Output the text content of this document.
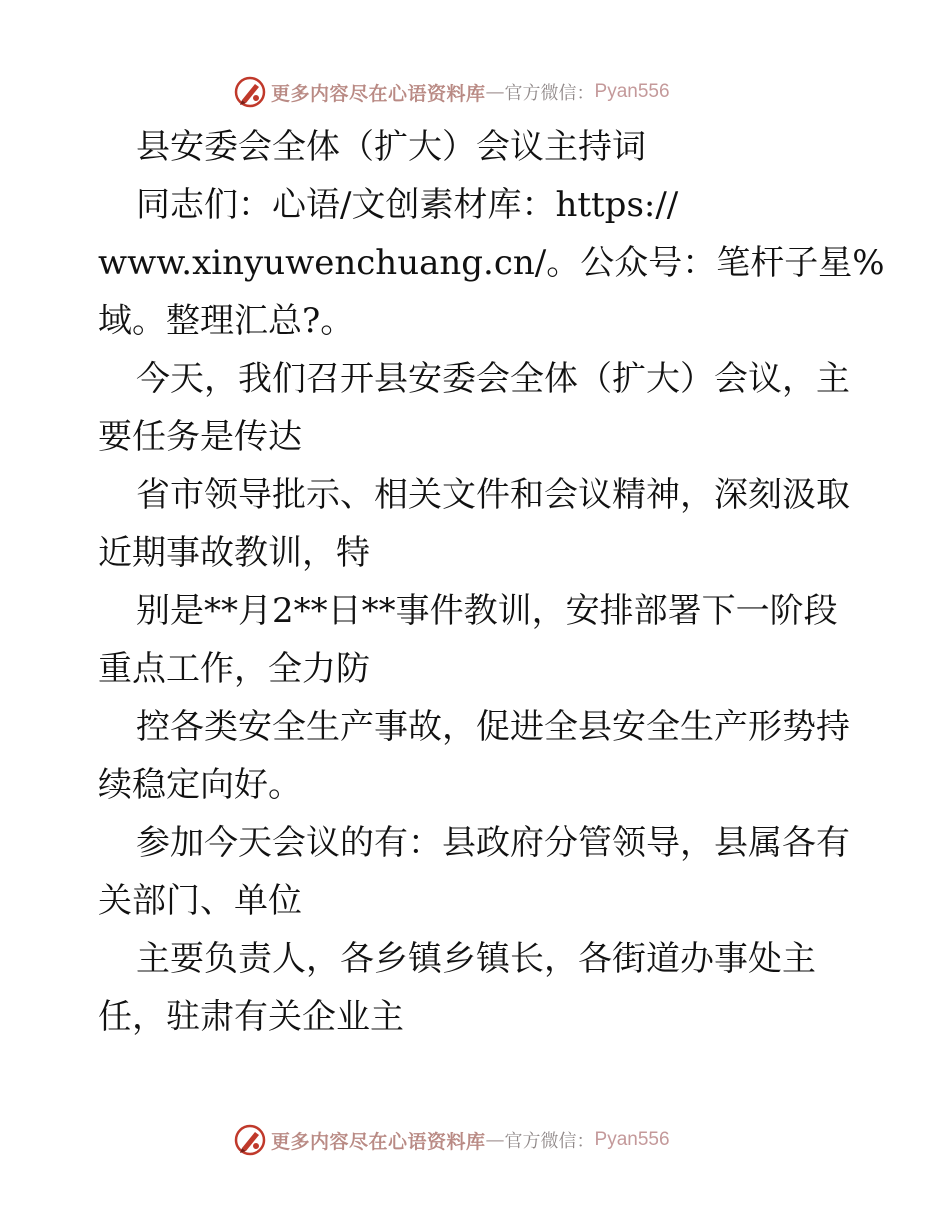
更多内容尽在心语资料库 — 官方微信： Pyan556

县安委会全体（扩大）会议主持词

同志们：心语/文创素材库：https://

www.xinyuwenchuang.cn/。公众号：笔杆子星%

域。整理汇总?。

今天，我们召开县安委会全体（扩大）会议，主

要任务是传达

省市领导批示、相关文件和会议精神，深刻汲取

近期事故教训，特

别是**月2**日**事件教训，安排部署下一阶段

重点工作，全力防

控各类安全生产事故，促进全县安全生产形势持

续稳定向好。

参加今天会议的有：县政府分管领导，县属各有

关部门、单位

主要负责人，各乡镇乡镇长，各街道办事处主

任，驻肃有关企业主

更多内容尽在心语资料库 — 官方微信： Pyan556
